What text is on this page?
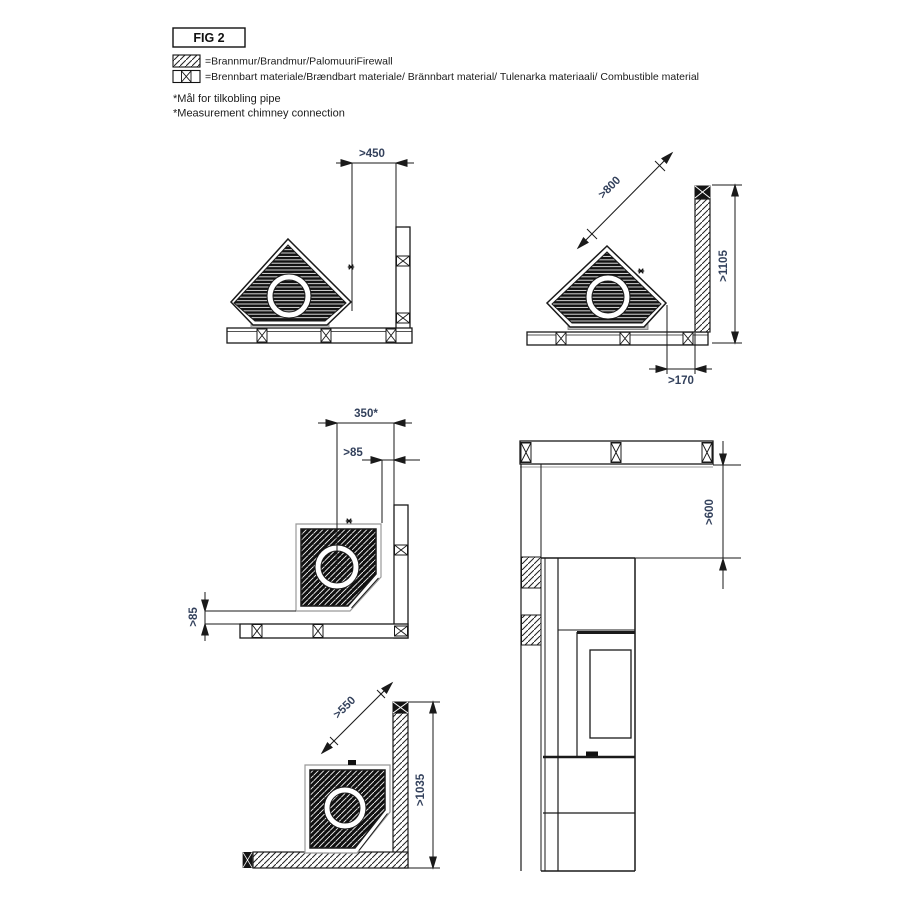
FIG 2
=Brannmur/Brandmur/PalomuuriFirewall
=Brennbart materiale/Brændbart materiale/ Brännbart material/ Tulenarka materiaali/ Combustible material
*Mål for tilkobling pipe
*Measurement chimney connection
>450
>800
>1105
>170
350*
>85
>85
>600
>550
>1035
